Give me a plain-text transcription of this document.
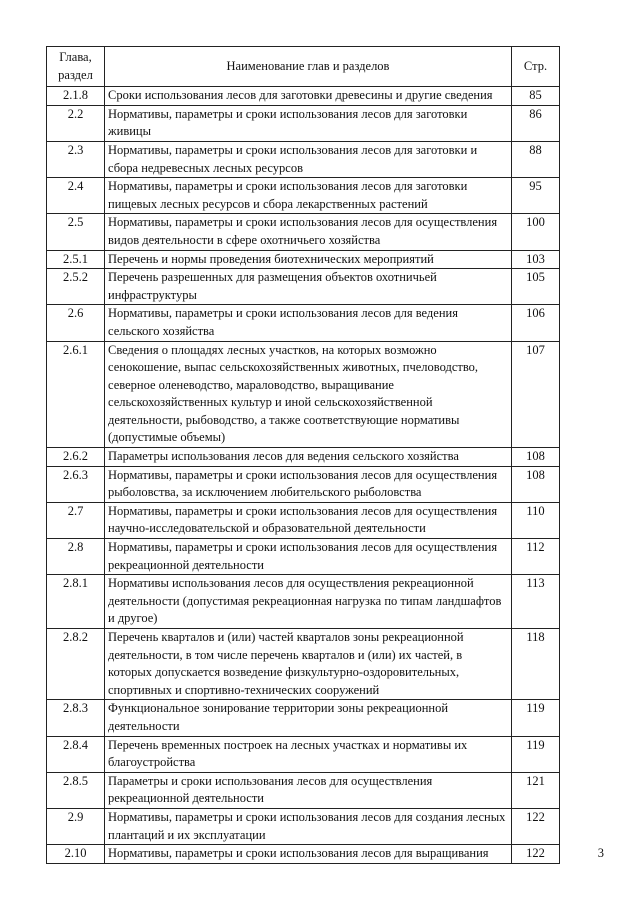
Глава, раздел	Наименование глав и разделов	Стр.
2.1.8	Сроки использования лесов для заготовки древесины и другие сведения	85
2.2	Нормативы, параметры и сроки использования лесов для заготовки живицы	86
2.3	Нормативы, параметры и сроки использования лесов для заготовки и сбора недревесных лесных ресурсов	88
2.4	Нормативы, параметры и сроки использования лесов для заготовки пищевых лесных ресурсов и сбора лекарственных растений	95
2.5	Нормативы, параметры и сроки использования лесов для осуществления видов деятельности в сфере охотничьего хозяйства	100
2.5.1	Перечень и нормы проведения биотехнических мероприятий	103
2.5.2	Перечень разрешенных для размещения объектов охотничьей инфраструктуры	105
2.6	Нормативы, параметры и сроки использования лесов для ведения сельского хозяйства	106
2.6.1	Сведения о площадях лесных участков, на которых возможно сенокошение, выпас сельскохозяйственных животных, пчеловодство, северное оленеводство, мараловодство, выращивание сельскохозяйственных культур и иной сельскохозяйственной деятельности, рыбоводство, а также соответствующие нормативы (допустимые объемы)	107
2.6.2	Параметры использования лесов для ведения сельского хозяйства	108
2.6.3	Нормативы, параметры и сроки использования лесов для осуществления рыболовства, за исключением любительского рыболовства	108
2.7	Нормативы, параметры и сроки использования лесов для осуществления научно-исследовательской и образовательной деятельности	110
2.8	Нормативы, параметры и сроки использования лесов для осуществления рекреационной деятельности	112
2.8.1	Нормативы использования лесов для осуществления рекреационной деятельности (допустимая рекреационная нагрузка по типам ландшафтов и другое)	113
2.8.2	Перечень кварталов и (или) частей кварталов зоны рекреационной деятельности, в том числе перечень кварталов и (или) их частей, в которых допускается возведение физкультурно-оздоровительных, спортивных и спортивно-технических сооружений	118
2.8.3	Функциональное зонирование территории зоны рекреационной деятельности	119
2.8.4	Перечень временных построек на лесных участках и нормативы их благоустройства	119
2.8.5	Параметры и сроки использования лесов для осуществления рекреационной деятельности	121
2.9	Нормативы, параметры и сроки использования лесов для создания лесных плантаций и их эксплуатации	122
2.10	Нормативы, параметры и сроки использования лесов для выращивания	122	3
